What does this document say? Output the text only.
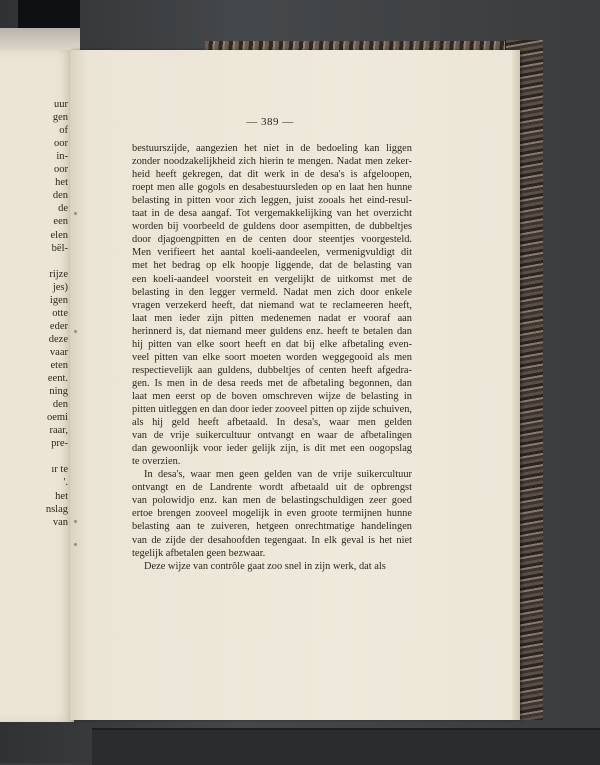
uur
gen
of
oor
in-
oor
het
den
de
een
elen
bël-
rijze
jes)
igen
otte
eder
deze
vaar
eten
eent.
ning
den
oemi
raar,
pre-
ır te
'.
het
nslag
van
— 389 —
bestuurszijde, aangezien het niet in de bedoeling kan liggen
zonder noodzakelijkheid zich hierin te mengen. Nadat men zeker-
heid heeft gekregen, dat dit werk in de desa's is afgeloopen,
roept men alle gogols en desabestuursleden op en laat hen hunne
belasting in pitten voor zich leggen, juist zooals het eind-resul-
taat in de desa aangaf. Tot vergemakkelijking van het overzicht
worden bij voorbeeld de guldens door asempitten, de dubbeltjes
door djagoengpitten en de centen door steentjes voorgesteld.
Men verifieert het aantal koeli-aandeelen, vermenigvuldigt dit
met het bedrag op elk hoopje liggende, dat de belasting van
een koeli-aandeel voorsteit en vergelijkt de uitkomst met de
belasting in den legger vermeld. Nadat men zich door enkele
vragen verzekerd heeft, dat niemand wat te reclameeren heeft,
laat men ieder zijn pitten medenemen nadat er vooraf aan
herinnerd is, dat niemand meer guldens enz. heeft te betalen dan
hij pitten van elke soort heeft en dat bij elke afbetaling even-
veel pitten van elke soort moeten worden weggegooid als men
respectievelijk aan guldens, dubbeltjes of centen heeft afgedra-
gen. Is men in de desa reeds met de afbetaling begonnen, dan
laat men eerst op de boven omschreven wijze de belasting in
pitten uitleggen en dan door ieder zooveel pitten op zijde schuiven,
als hij geld heeft afbetaald. In desa's, waar men gelden
van de vrije suikercultuur ontvangt en waar de afbetalingen
dan gewoonlijk voor ieder gelijk zijn, is dit met een oogopslag
te overzien.
In desa's, waar men geen gelden van de vrije suikercultuur
ontvangt en de Landrente wordt afbetaald uit de opbrengst
van polowidjo enz. kan men de belastingschuldigen zeer goed
ertoe brengen zooveel mogelijk in even groote termijnen hunne
belasting aan te zuiveren, hetgeen onrechtmatige handelingen
van de zijde der desahoofden tegengaat. In elk geval is het niet
tegelijk afbetalen geen bezwaar.
Deze wijze van contrôle gaat zoo snel in zijn werk, dat als
